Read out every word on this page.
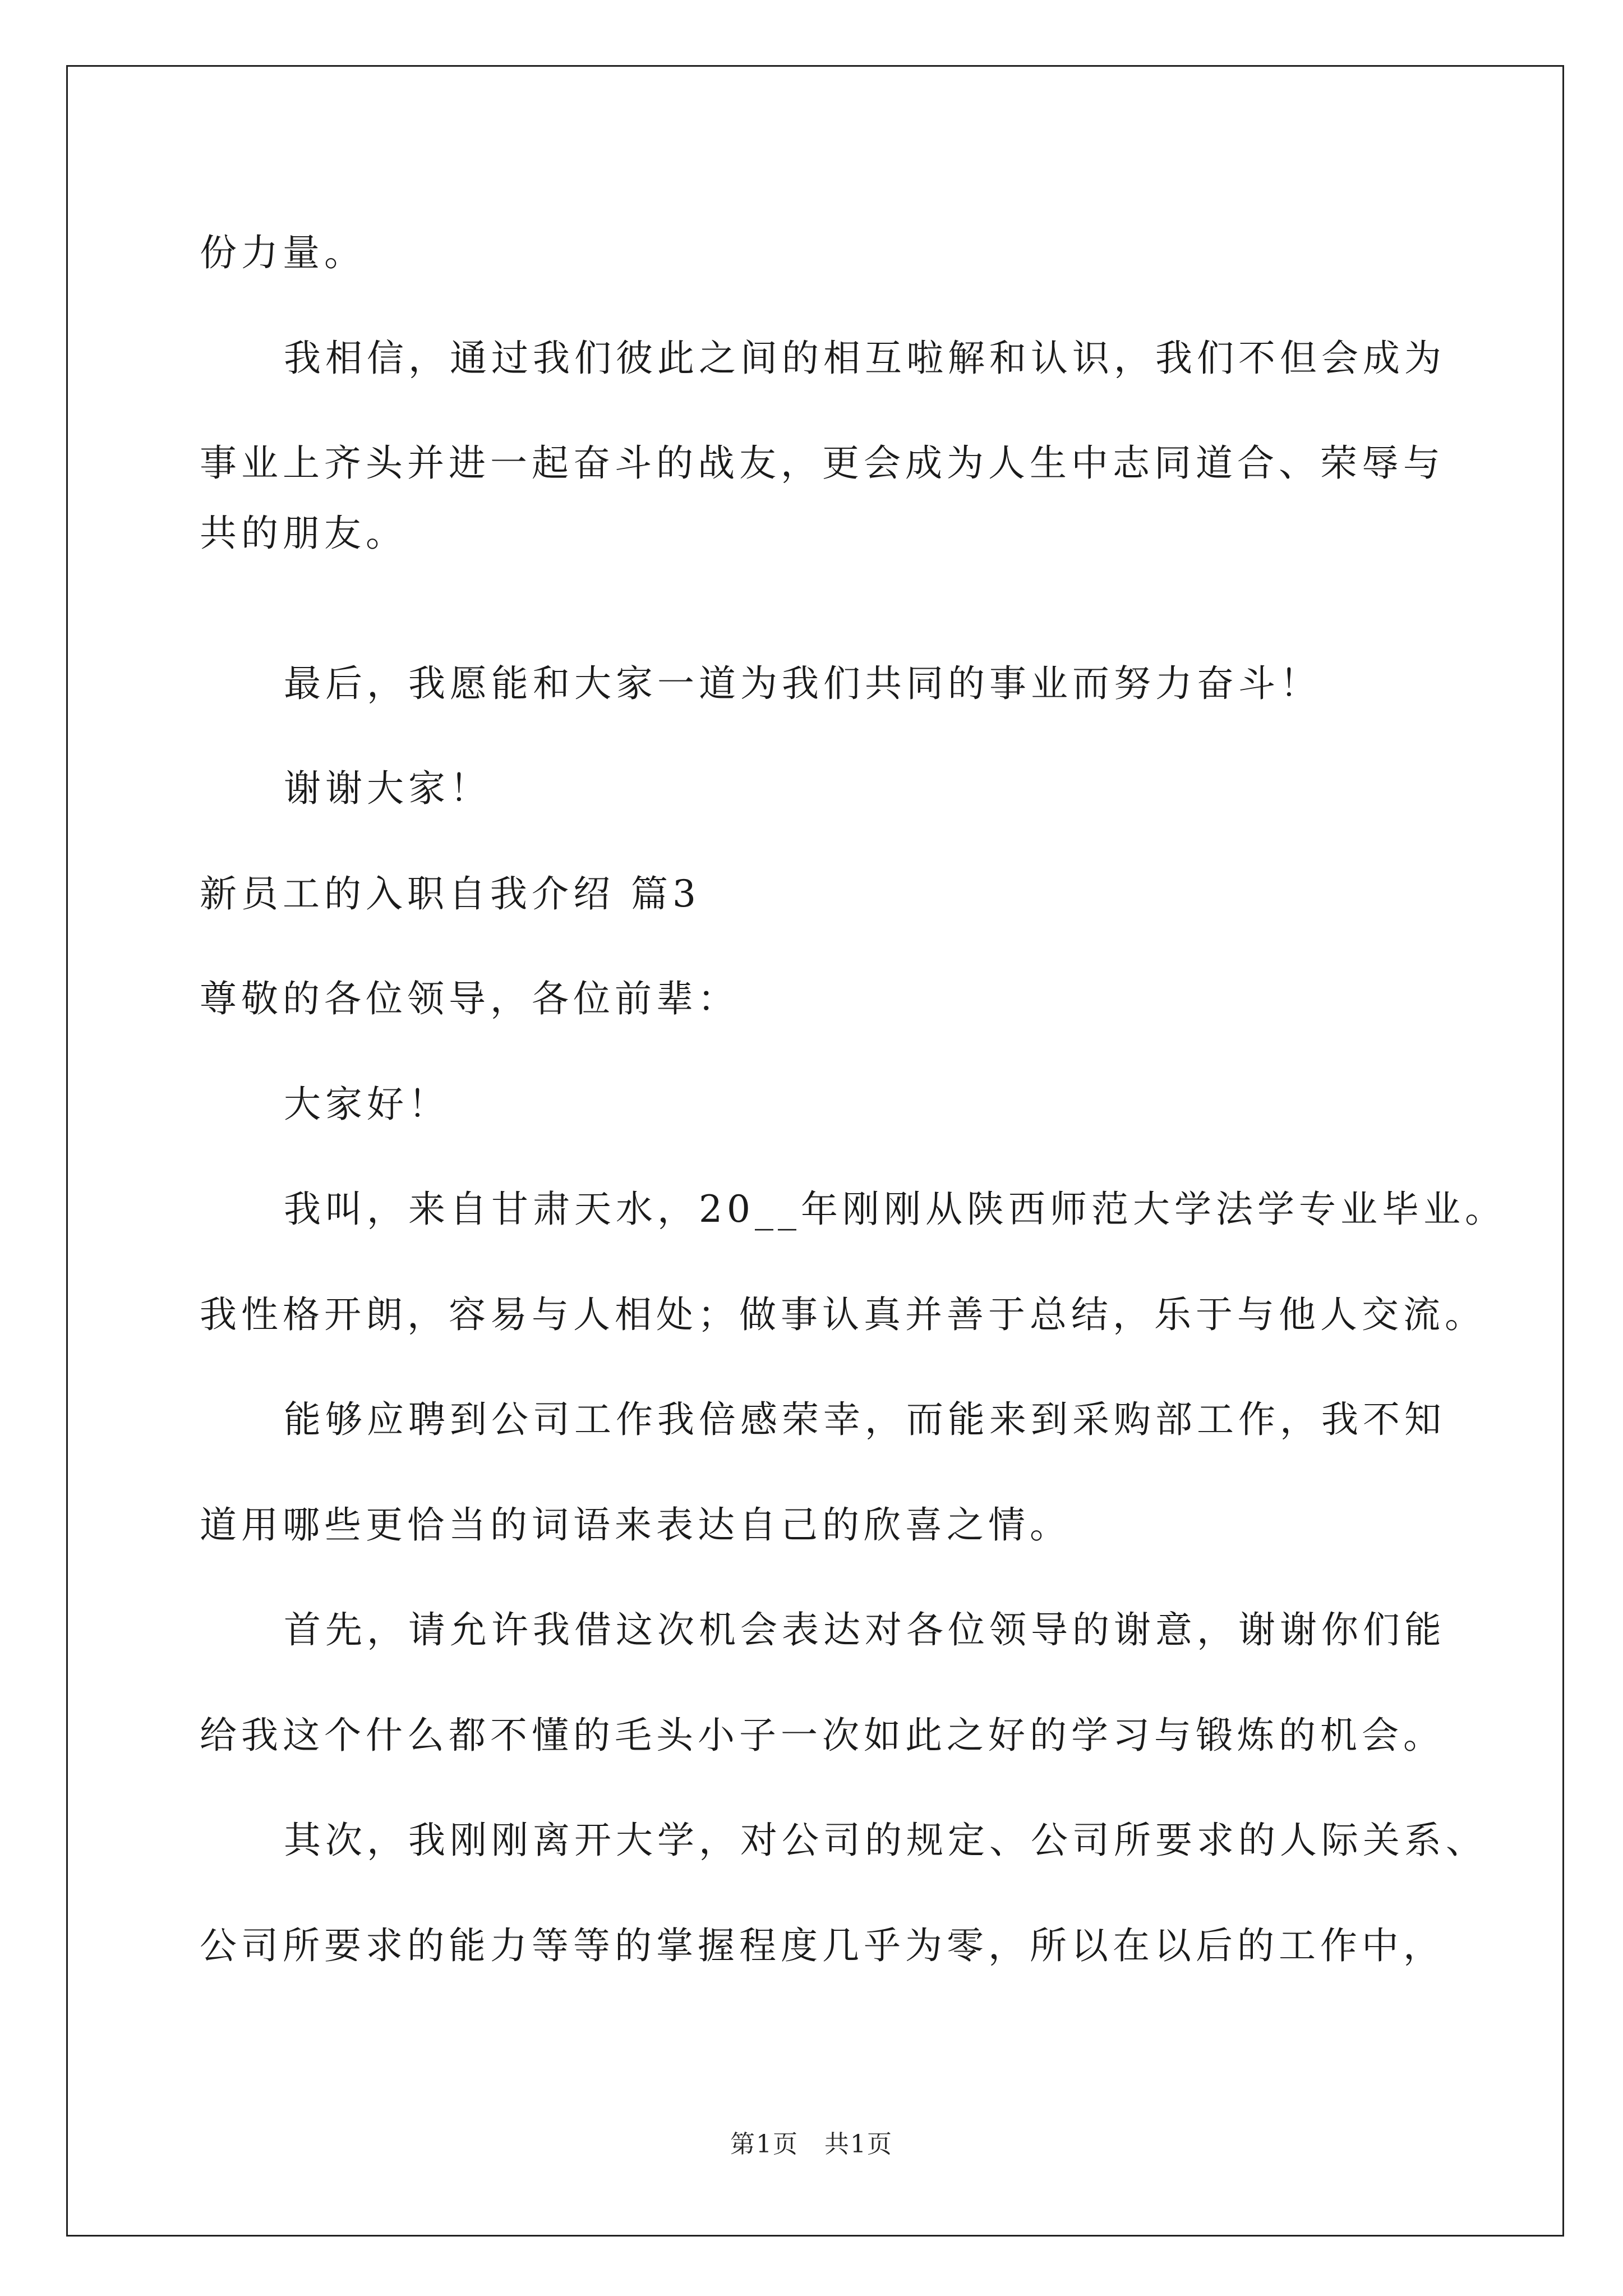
份力量。
我相信，通过我们彼此之间的相互啦解和认识，我们不但会成为
事业上齐头并进一起奋斗的战友，更会成为人生中志同道合、荣辱与
共的朋友。
最后，我愿能和大家一道为我们共同的事业而努力奋斗！
谢谢大家！
新员工的入职自我介绍 篇3
尊敬的各位领导，各位前辈：
大家好！
我叫，来自甘肃天水，20__年刚刚从陕西师范大学法学专业毕业。
我性格开朗，容易与人相处；做事认真并善于总结，乐于与他人交流。
能够应聘到公司工作我倍感荣幸，而能来到采购部工作，我不知
道用哪些更恰当的词语来表达自己的欣喜之情。
首先，请允许我借这次机会表达对各位领导的谢意，谢谢你们能
给我这个什么都不懂的毛头小子一次如此之好的学习与锻炼的机会。
其次，我刚刚离开大学，对公司的规定、公司所要求的人际关系、
公司所要求的能力等等的掌握程度几乎为零，所以在以后的工作中，
第1页　共1页
